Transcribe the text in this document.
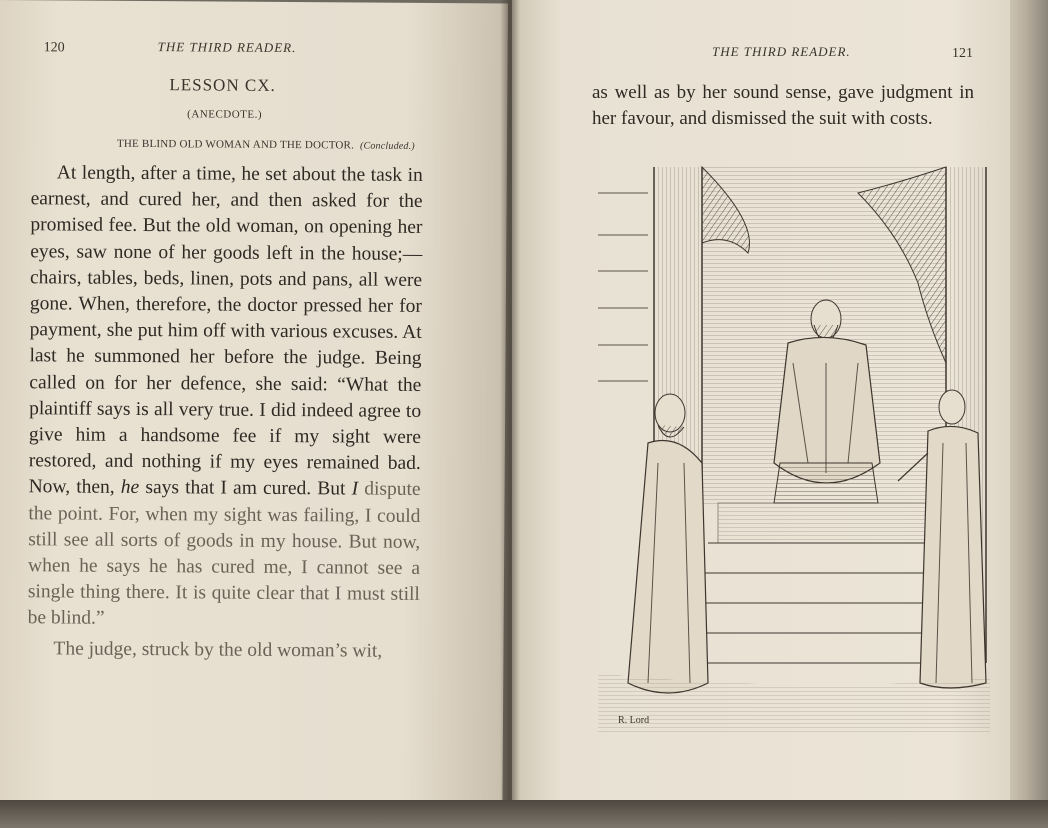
120	THE THIRD READER.
LESSON CX.
(ANECDOTE.)
THE BLIND OLD WOMAN AND THE DOCTOR. (Concluded.)

At length, after a time, he set about the task in earnest, and cured her, and then asked for the promised fee. But the old woman, on opening her eyes, saw none of her goods left in the house;—chairs, tables, beds, linen, pots and pans, all were gone. When, therefore, the doctor pressed her for payment, she put him off with various excuses. At last he summoned her before the judge. Being called on for her defence, she said: “What the plaintiff says is all very true. I did indeed agree to give him a handsome fee if my sight were restored, and nothing if my eyes remained bad. Now, then, he says that I am cured. But I dispute the point. For, when my sight was failing, I could still see all sorts of goods in my house. But now, when he says he has cured me, I cannot see a single thing there. It is quite clear that I must still be blind.”

The judge, struck by the old woman’s wit,

THE THIRD READER.	121
as well as by her sound sense, gave judgment in her favour, and dismissed the suit with costs.
R. Lord
